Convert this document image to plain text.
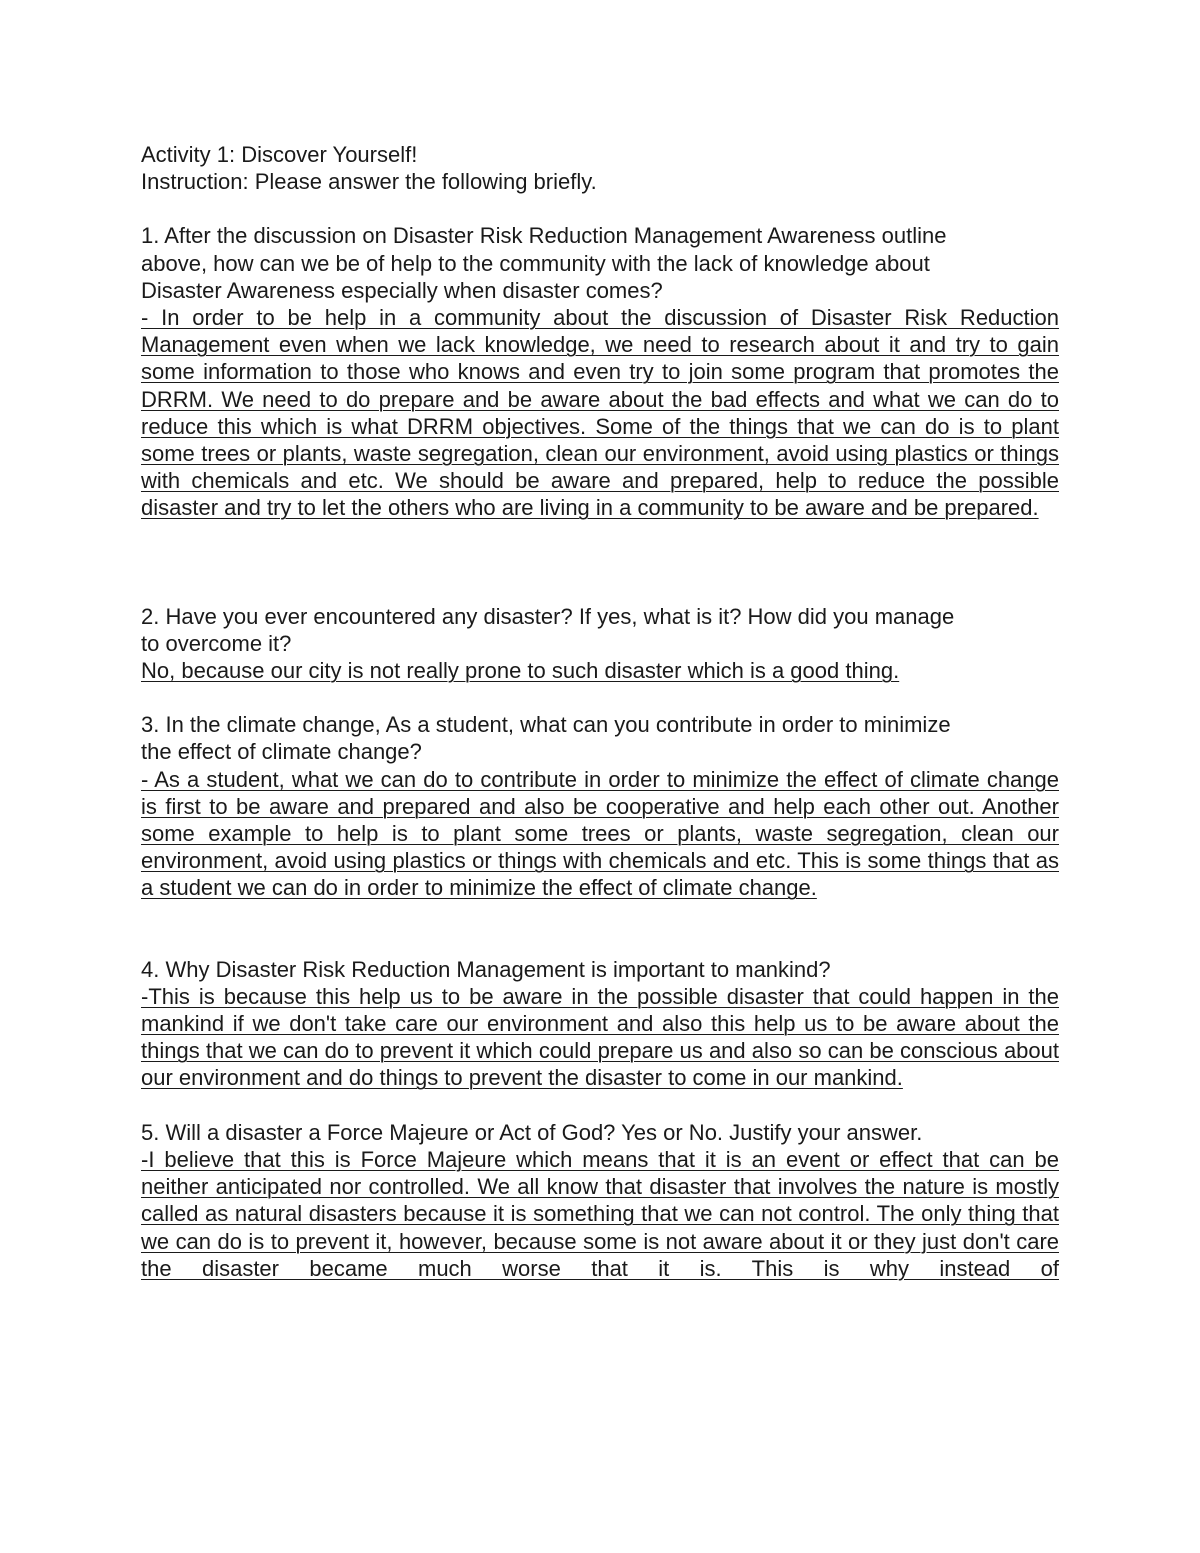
Activity 1: Discover Yourself!
Instruction: Please answer the following briefly.
1. After the discussion on Disaster Risk Reduction Management Awareness outline
above, how can we be of help to the community with the lack of knowledge about
Disaster Awareness especially when disaster comes?
- In order to be help in a community about the discussion of Disaster Risk Reduction Management even when we lack knowledge, we need to research about it and try to gain some information to those who knows and even try to join some program that promotes the DRRM. We need to do prepare and be aware about the bad effects and what we can do to reduce this which is what DRRM objectives. Some of the things that we can do is to plant some trees or plants, waste segregation, clean our environment, avoid using plastics or things with chemicals and etc. We should be aware and prepared, help to reduce the possible disaster and try to let the others who are living in a community to be aware and be prepared.
2. Have you ever encountered any disaster? If yes, what is it? How did you manage
to overcome it?
No, because our city is not really prone to such disaster which is a good thing.
3. In the climate change, As a student, what can you contribute in order to minimize
the effect of climate change?
- As a student, what we can do to contribute in order to minimize the effect of climate change is first to be aware and prepared and also be cooperative and help each other out. Another some example to help is to plant some trees or plants, waste segregation, clean our environment, avoid using plastics or things with chemicals and etc. This is some things that as a student we can do in order to minimize the effect of climate change.
4. Why Disaster Risk Reduction Management is important to mankind?
-This is because this help us to be aware in the possible disaster that could happen in the mankind if we don't take care our environment and also this help us to be aware about the things that we can do to prevent it which could prepare us and also so can be conscious about our environment and do things to prevent the disaster to come in our mankind.
5. Will a disaster a Force Majeure or Act of God? Yes or No. Justify your answer.
-I believe that this is Force Majeure which means that it is an event or effect that can be neither anticipated nor controlled. We all know that disaster that involves the nature is mostly called as natural disasters because it is something that we can not control. The only thing that we can do is to prevent it, however, because some is not aware about it or they just don't care the disaster became much worse that it is. This is why instead of
